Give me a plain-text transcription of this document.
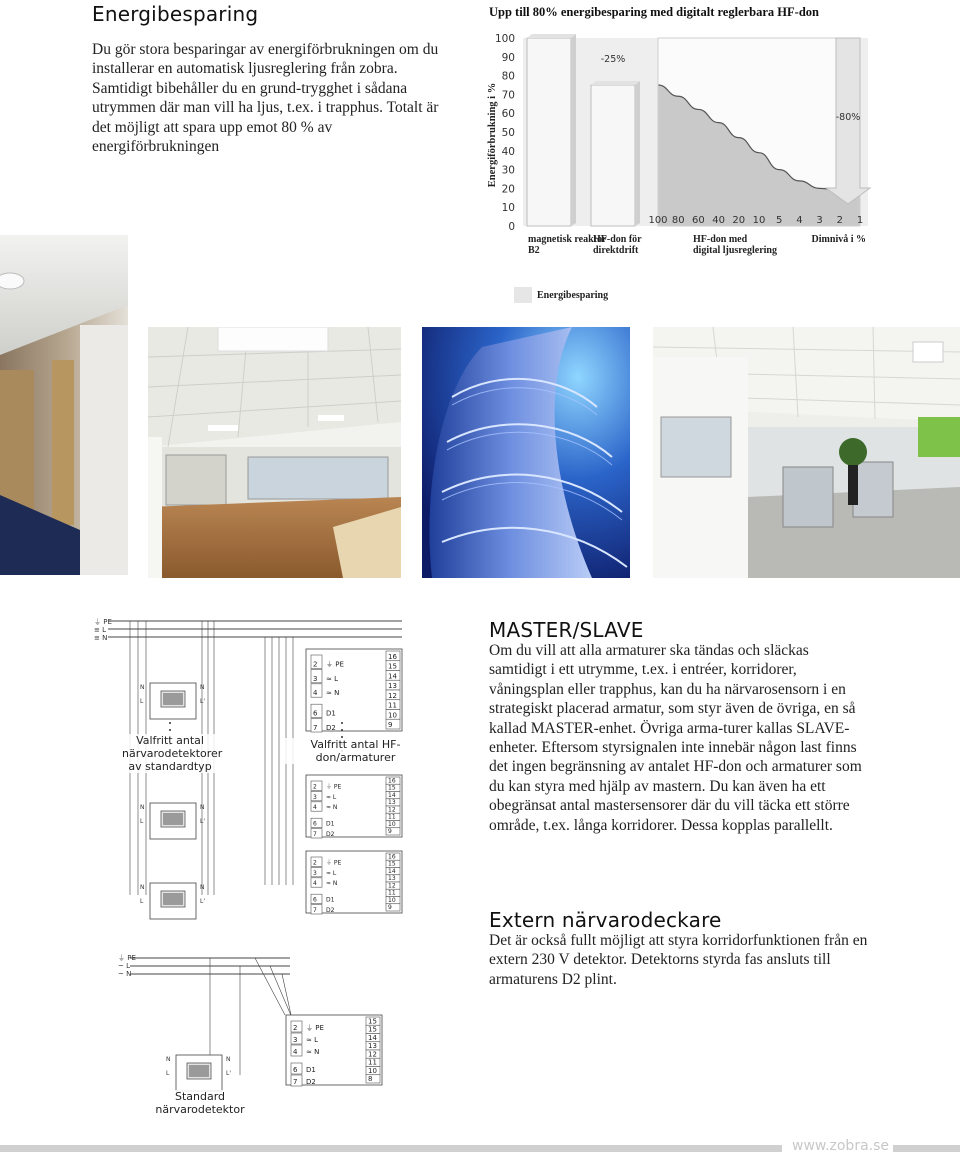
Energibesparing

Du gör stora besparingar av energiförbrukningen om du installerar en automatisk ljusreglering från zobra. Samtidigt bibehåller du en grund-trygghet i sådana utrymmen där man vill ha ljus, t.ex. i trapphus. Totalt är det möjligt att spara upp emot 80 % av energiförbrukningen

Upp till 80% energibesparing med digitalt reglerbara HF-don
Energiförbrukning i %
0
10
20
30
40
50
60
70
80
90
100
-25%
-80%
100 80 60 40 20 10 5 4 3 2 1
magnetisk reaktor B2
HF-don för direktdrift
HF-don med digital ljusreglering
Dimnivå i %
Energibesparing
⏚ PE
≡ L
≡ N
N
L
N
L'
N
L
N
L'
N
L
N
L'
2 ⏚ PE
3 ≈ L
4 ≈ N
6 D1
7 D2
16
15
14
13
12
11
10
9
2 ⏚ PE
3 ≈ L
4 ≈ N
6 D1
7 D2
16
15
14
13
12
11
10
9
2 ⏚ PE
3 ≈ L
4 ≈ N
6 D1
7 D2
16
15
14
13
12
11
10
9
⏚ PE
~ L
~ N
N
L
N
L'
2 ⏚ PE
3 ≈ L
4 ≈ N
6 D1
7 D2
15
15
14
13
12
11
10
8
Valfritt antal närvarodetektorer av standardtyp
Valfritt antal HF-don/armaturer
Standard närvarodetektor
MASTER/SLAVE

Om du vill att alla armaturer ska tändas och släckas samtidigt i ett utrymme, t.ex. i entréer, korridorer, våningsplan eller trapphus, kan du ha närvarosensorn i en strategiskt placerad armatur, som styr även de övriga, en så kallad MASTER-enhet. Övriga arma-turer kallas SLAVE-enheter. Eftersom styrsignalen inte innebär någon last finns det ingen begränsning av antalet HF-don och armaturer som du kan styra med hjälp av mastern. Du kan även ha ett obegränsat antal mastersensorer där du vill täcka ett större område, t.ex. långa korridorer. Dessa kopplas parallellt.

Extern närvarodeckare

Det är också fullt möjligt att styra korridorfunktionen från en extern 230 V detektor. Detektorns styrda fas ansluts till armaturens D2 plint.

www.zobra.se
